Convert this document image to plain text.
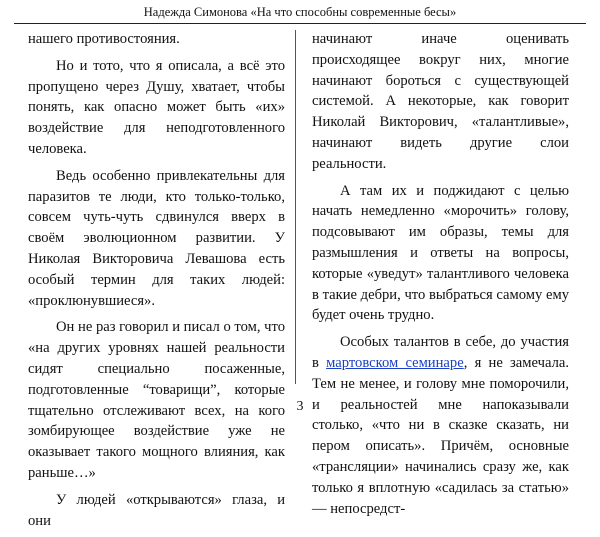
Надежда Симонова «На что способны современные бесы»

нашего противостояния.

Но и тото, что я описала, а всё это пропущено через Душу, хватает, чтобы понять, как опасно может быть «их» воздействие для неподготовленного человека.

Ведь особенно привлекательны для паразитов те люди, кто только-только, совсем чуть-чуть сдвинулся вверх в своём эволюционном развитии. У Николая Викторовича Левашова есть особый термин для таких людей: «проклюнувшиеся».

Он не раз говорил и писал о том, что «на других уровнях нашей реальности сидят специально посаженные, подготовленные “товарищи”, которые тщательно отслеживают всех, на кого зомбирующее воздействие уже не оказывает такого мощного влияния, как раньше…»

У людей «открываются» глаза, и они

начинают иначе оценивать происходящее вокруг них, многие начинают бороться с существующей системой. А некоторые, как говорит Николай Викторович, «талантливые», начинают видеть другие слои реальности.

А там их и поджидают с целью начать немедленно «морочить» голову, подсовывают им образы, темы для размышления и ответы на вопросы, которые «уведут» талантливого человека в такие дебри, что выбраться самому ему будет очень трудно.

Особых талантов в себе, до участия в мартовском семинаре, я не замечала. Тем не менее, и голову мне поморочили, и реальностей мне напоказывали столько, «что ни в сказке сказать, ни пером описать». Причём, основные «трансляции» начинались сразу же, как только я вплотную «садилась за статью» — непосредст-

3
